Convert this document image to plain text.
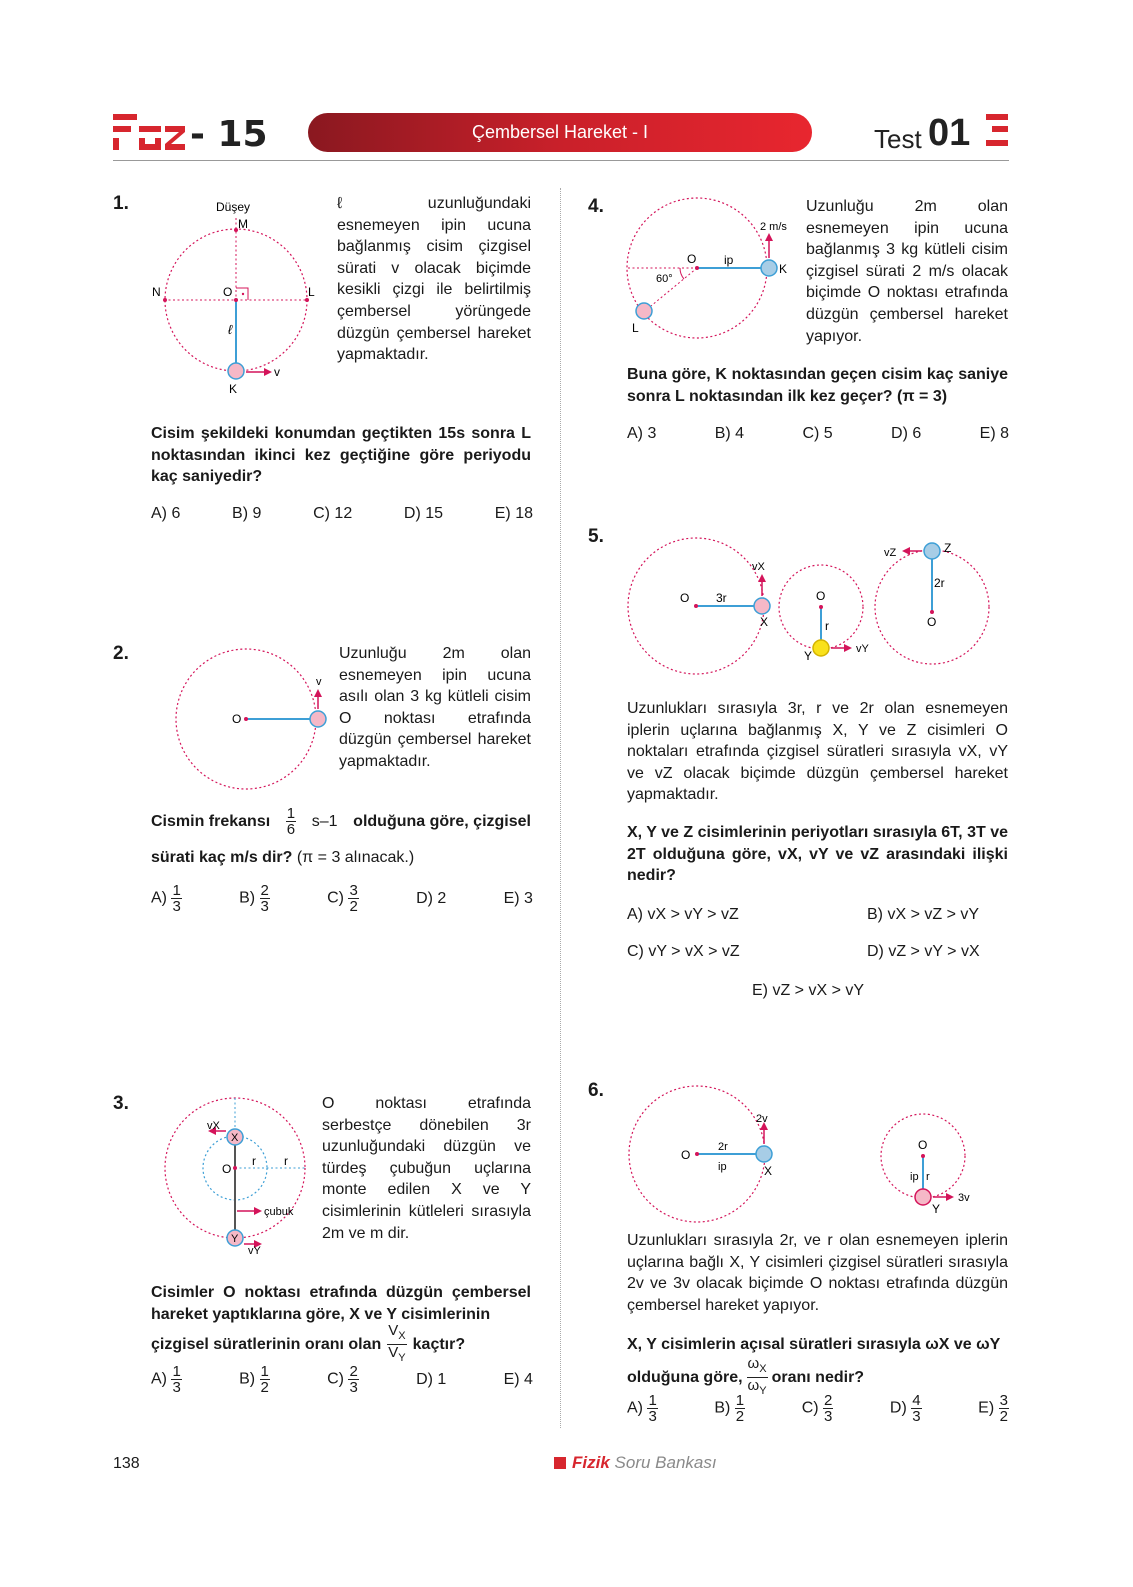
- 15	Çembersel Hareket - I	Test 01
1.	Düşey
M
N	O	L
ℓ
K
v
ℓ uzunluğundaki esnemeyen ipin ucuna bağlanmış cisim çizgisel sürati v olacak biçimde kesikli çizgi ile belirtilmiş çembersel yörüngede düzgün çembersel hareket yapmaktadır.
Cisim şekildeki konumdan geçtikten 15s sonra L noktasından ikinci kez geçtiğine göre periyodu kaç saniyedir?
A) 6	B) 9	C) 12	D) 15	E) 18
2.
O
v
Uzunluğu 2m olan esnemeyen ipin ucuna asılı olan 3 kg kütleli cisim O noktası etrafında düzgün çembersel hareket yapmaktadır.
Cismin frekansı $\frac{1}{6} s-1$ olduğuna göre, çizgisel
sürati kaç m/s dir? (π = 3 alınacak.)
$A) \frac{1}{3}$	$B) \frac{2}{3}$	$C) \frac{3}{2}$	D) 2	E) 3
3.
vX
X
O
r r
çubuk
Y
vY
O noktası etrafında serbestçe dönebilen 3r uzunluğundaki düzgün ve türdeş çubuğun uçlarına monte edilen X ve Y cisimlerinin kütleleri sırasıyla 2m ve m dir.
Cisimler O noktası etrafında düzgün çembersel hareket yaptıklarına göre, X ve Y cisimlerinin
çizgisel süratlerinin oranı olan $\frac{V_X}{V_Y}$ kaçtır?
$A) \frac{1}{3}$	$B) \frac{1}{2}$	$C) \frac{2}{3}$	D) 1	E) 4
4.
2 m/s
O ip
K
60°
L
Uzunluğu 2m olan esnemeyen ipin ucuna bağlanmış 3 kg kütleli cisim çizgisel sürati 2 m/s olacak biçimde O noktası etrafında düzgün çembersel hareket yapıyor.
Buna göre, K noktasından geçen cisim kaç saniye sonra L noktasından ilk kez geçer? (π = 3)
A) 3	B) 4	C) 5	D) 6	E) 8
5.
O 3r
vX
X
O
r
Y	vY
vZ	Z
2r
O
Uzunlukları sırasıyla 3r, r ve 2r olan esnemeyen iplerin uçlarına bağlanmış X, Y ve Z cisimleri O noktaları etrafında çizgisel süratleri sırasıyla vX, vY ve vZ olacak biçimde düzgün çembersel hareket yapmaktadır.
X, Y ve Z cisimlerinin periyotları sırasıyla 6T, 3T ve 2T olduğuna göre, vX, vY ve vZ arasındaki ilişki nedir?
A) vX > vY > vZ	B) vX > vZ > vY
C) vY > vX > vZ	D) vZ > vY > vX
E) vZ > vX > vY
6.
2v
O
2r
ip	X
O
ip r
3v
Y
Uzunlukları sırasıyla 2r, ve r olan esnemeyen iplerin uçlarına bağlı X, Y cisimleri çizgisel süratleri sırasıyla 2v ve 3v olacak biçimde O noktası etrafında düzgün çembersel hareket yapıyor.
X, Y cisimlerin açısal süratleri sırasıyla ωX ve ωY
olduğuna göre, $\frac{\omega_X}{\omega_Y}$ oranı nedir?
$A) \frac{1}{3}$	$B) \frac{1}{2}$	$C) \frac{2}{3}$	$D) \frac{4}{3}$	$E) \frac{3}{2}$
138	Fizik Soru Bankası
